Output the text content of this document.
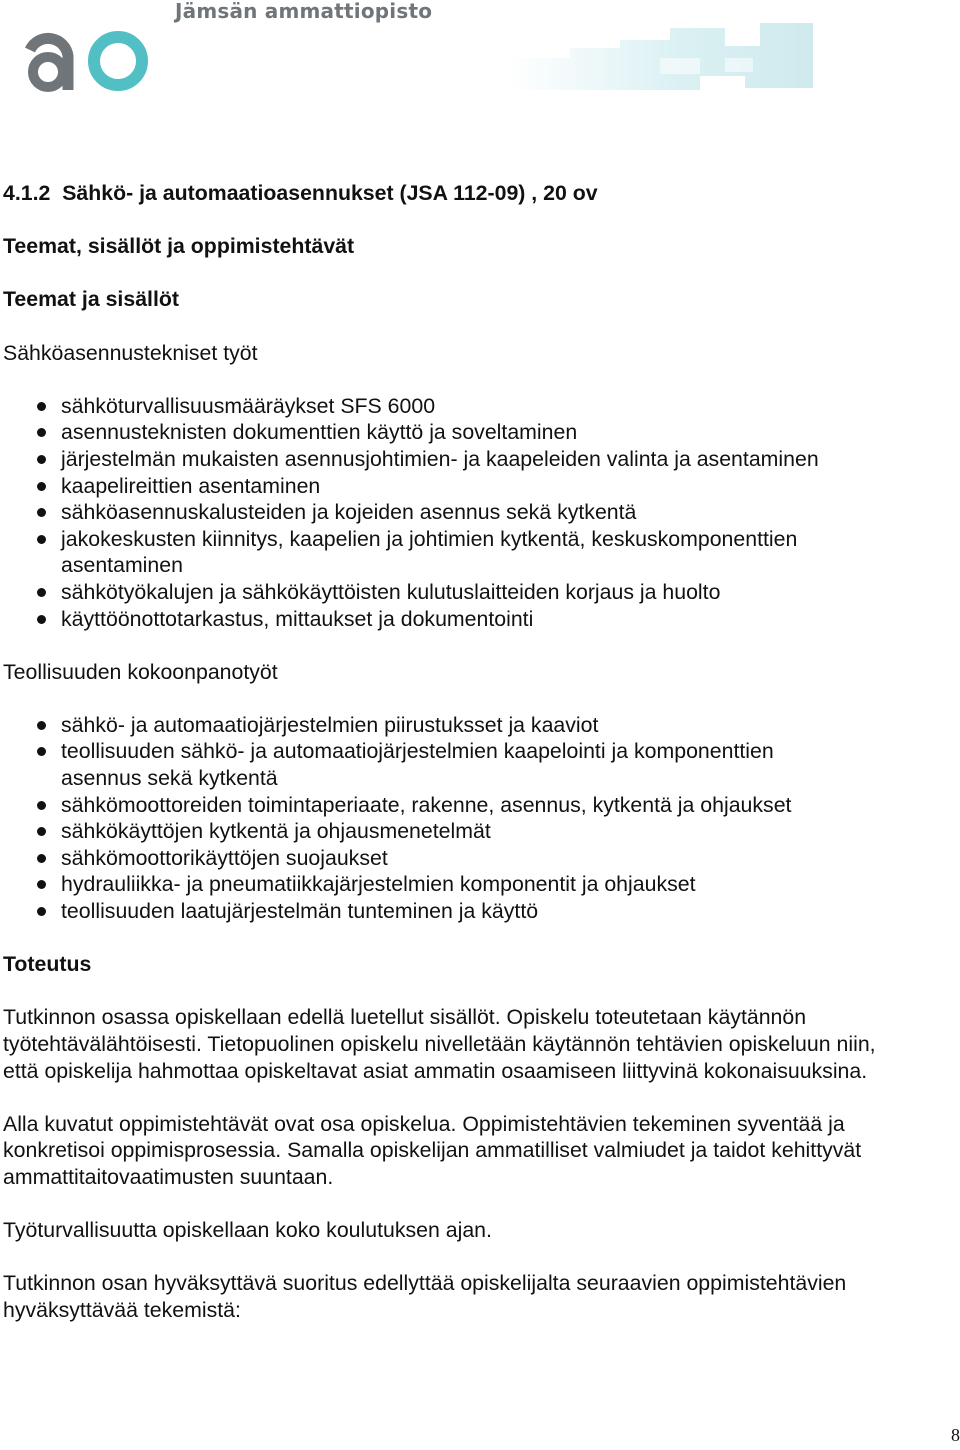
Jämsän ammattiopisto

4.1.2  Sähkö- ja automaatioasennukset (JSA 112-09) , 20 ov

Teemat, sisällöt ja oppimistehtävät

Teemat ja sisällöt

Sähköasennustekniset työt

sähköturvallisuusmääräykset SFS 6000
asennusteknisten dokumenttien käyttö ja soveltaminen
järjestelmän mukaisten asennusjohtimien- ja kaapeleiden valinta ja asentaminen
kaapelireittien asentaminen
sähköasennuskalusteiden ja kojeiden asennus sekä kytkentä
jakokeskusten kiinnitys, kaapelien ja johtimien kytkentä, keskuskomponenttien
asentaminen
sähkötyökalujen ja sähkökäyttöisten kulutuslaitteiden korjaus ja huolto
käyttöönottotarkastus, mittaukset ja dokumentointi

Teollisuuden kokoonpanotyöt

sähkö- ja automaatiojärjestelmien piirustuksset ja kaaviot
teollisuuden sähkö- ja automaatiojärjestelmien kaapelointi ja komponenttien
asennus sekä kytkentä
sähkömoottoreiden toimintaperiaate, rakenne, asennus, kytkentä ja ohjaukset
sähkökäyttöjen kytkentä ja ohjausmenetelmät
sähkömoottorikäyttöjen suojaukset
hydrauliikka- ja pneumatiikkajärjestelmien komponentit ja ohjaukset
teollisuuden laatujärjestelmän tunteminen ja käyttö

Toteutus

Tutkinnon osassa opiskellaan edellä luetellut sisällöt. Opiskelu toteutetaan käytännön
työtehtävälähtöisesti. Tietopuolinen opiskelu nivelletään käytännön tehtävien opiskeluun niin,
että opiskelija hahmottaa opiskeltavat asiat ammatin osaamiseen liittyvinä kokonaisuuksina.

Alla kuvatut oppimistehtävät ovat osa opiskelua. Oppimistehtävien tekeminen syventää ja
konkretisoi oppimisprosessia. Samalla opiskelijan ammatilliset valmiudet ja taidot kehittyvät
ammattitaitovaatimusten suuntaan.

Työturvallisuutta opiskellaan koko koulutuksen ajan.

Tutkinnon osan hyväksyttävä suoritus edellyttää opiskelijalta seuraavien oppimistehtävien
hyväksyttävää tekemistä:

8
